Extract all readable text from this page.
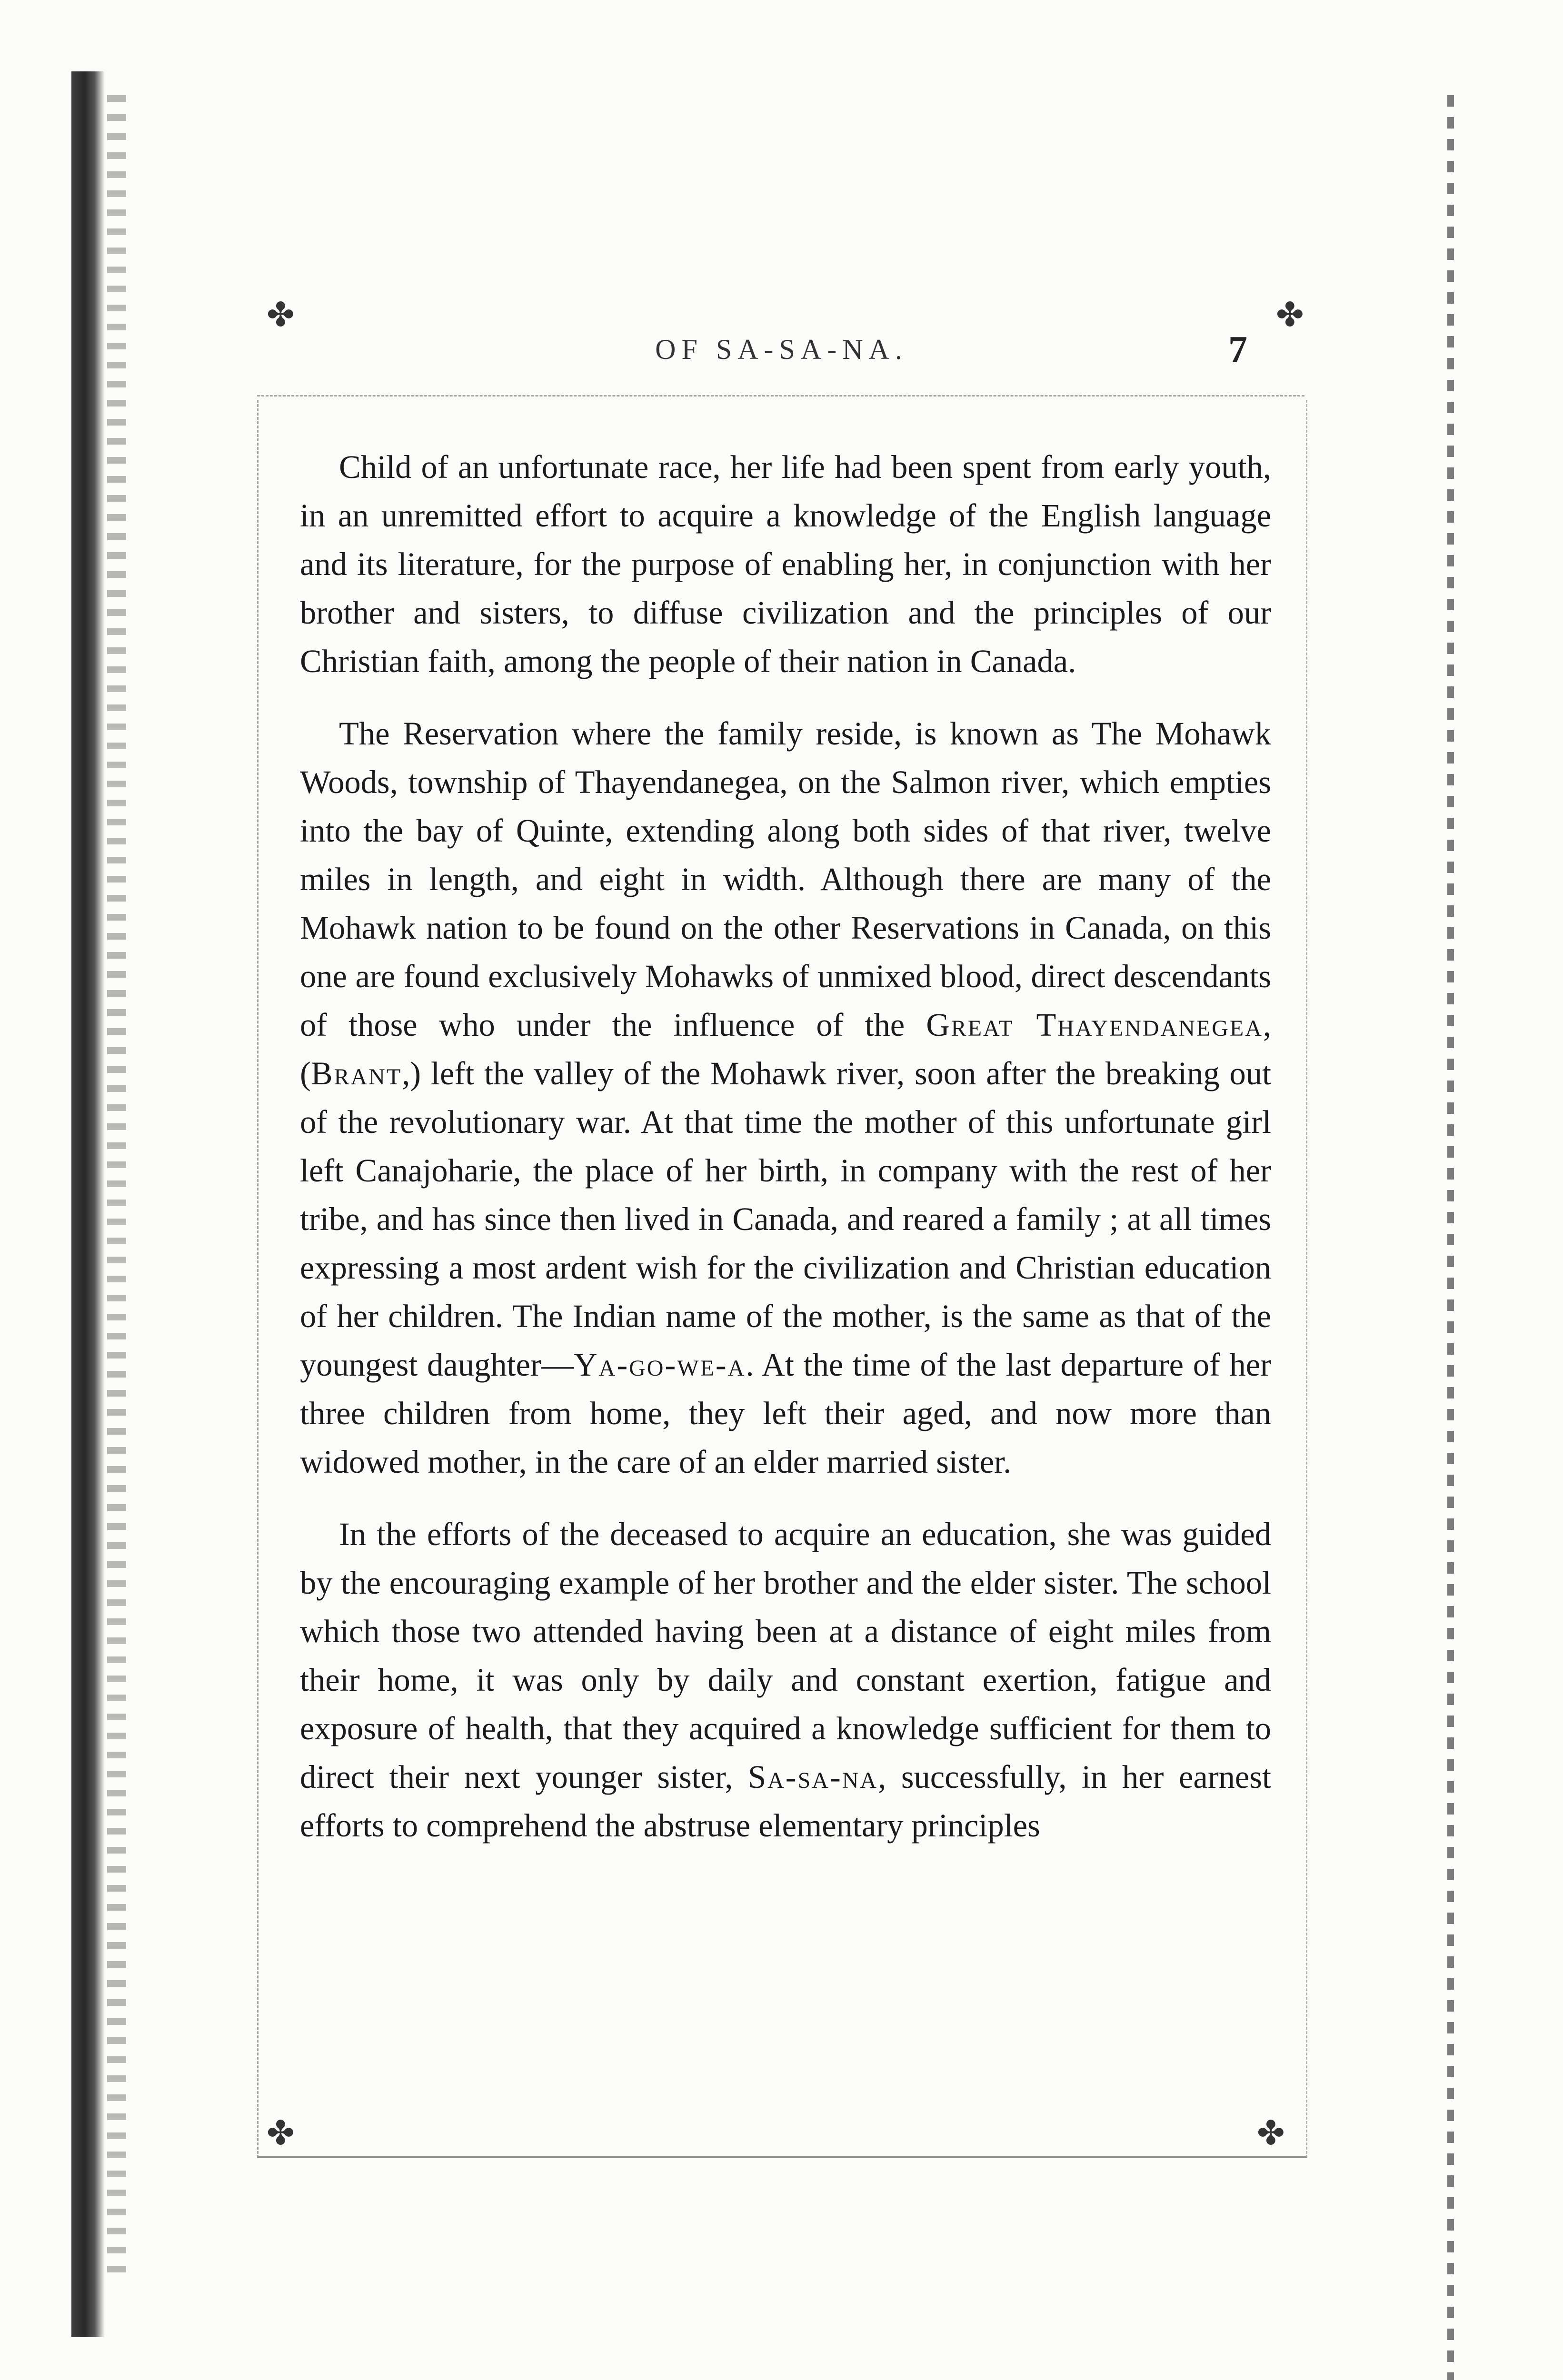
OF SA-SA-NA.	7
✤	✤
✤	✤

Child of an unfortunate race, her life had been spent from early youth, in an unremitted effort to acquire a knowledge of the English language and its literature, for the purpose of enabling her, in conjunction with her brother and sisters, to diffuse civilization and the principles of our Christian faith, among the people of their nation in Canada.

The Reservation where the family reside, is known as The Mohawk Woods, township of Thayendanegea, on the Salmon river, which empties into the bay of Quinte, extending along both sides of that river, twelve miles in length, and eight in width. Although there are many of the Mohawk nation to be found on the other Reservations in Canada, on this one are found exclusively Mohawks of unmixed blood, direct descendants of those who under the influence of the Great Thayendanegea, (Brant,) left the valley of the Mohawk river, soon after the breaking out of the revolutionary war. At that time the mother of this unfortunate girl left Canajoharie, the place of her birth, in company with the rest of her tribe, and has since then lived in Canada, and reared a family ; at all times expressing a most ardent wish for the civilization and Christian education of her children. The Indian name of the mother, is the same as that of the youngest daughter—Ya-go-we-a. At the time of the last departure of her three children from home, they left their aged, and now more than widowed mother, in the care of an elder married sister.

In the efforts of the deceased to acquire an education, she was guided by the encouraging example of her brother and the elder sister. The school which those two attended having been at a distance of eight miles from their home, it was only by daily and constant exertion, fatigue and exposure of health, that they acquired a knowledge sufficient for them to direct their next younger sister, Sa-sa-na, successfully, in her earnest efforts to comprehend the abstruse elementary principles
